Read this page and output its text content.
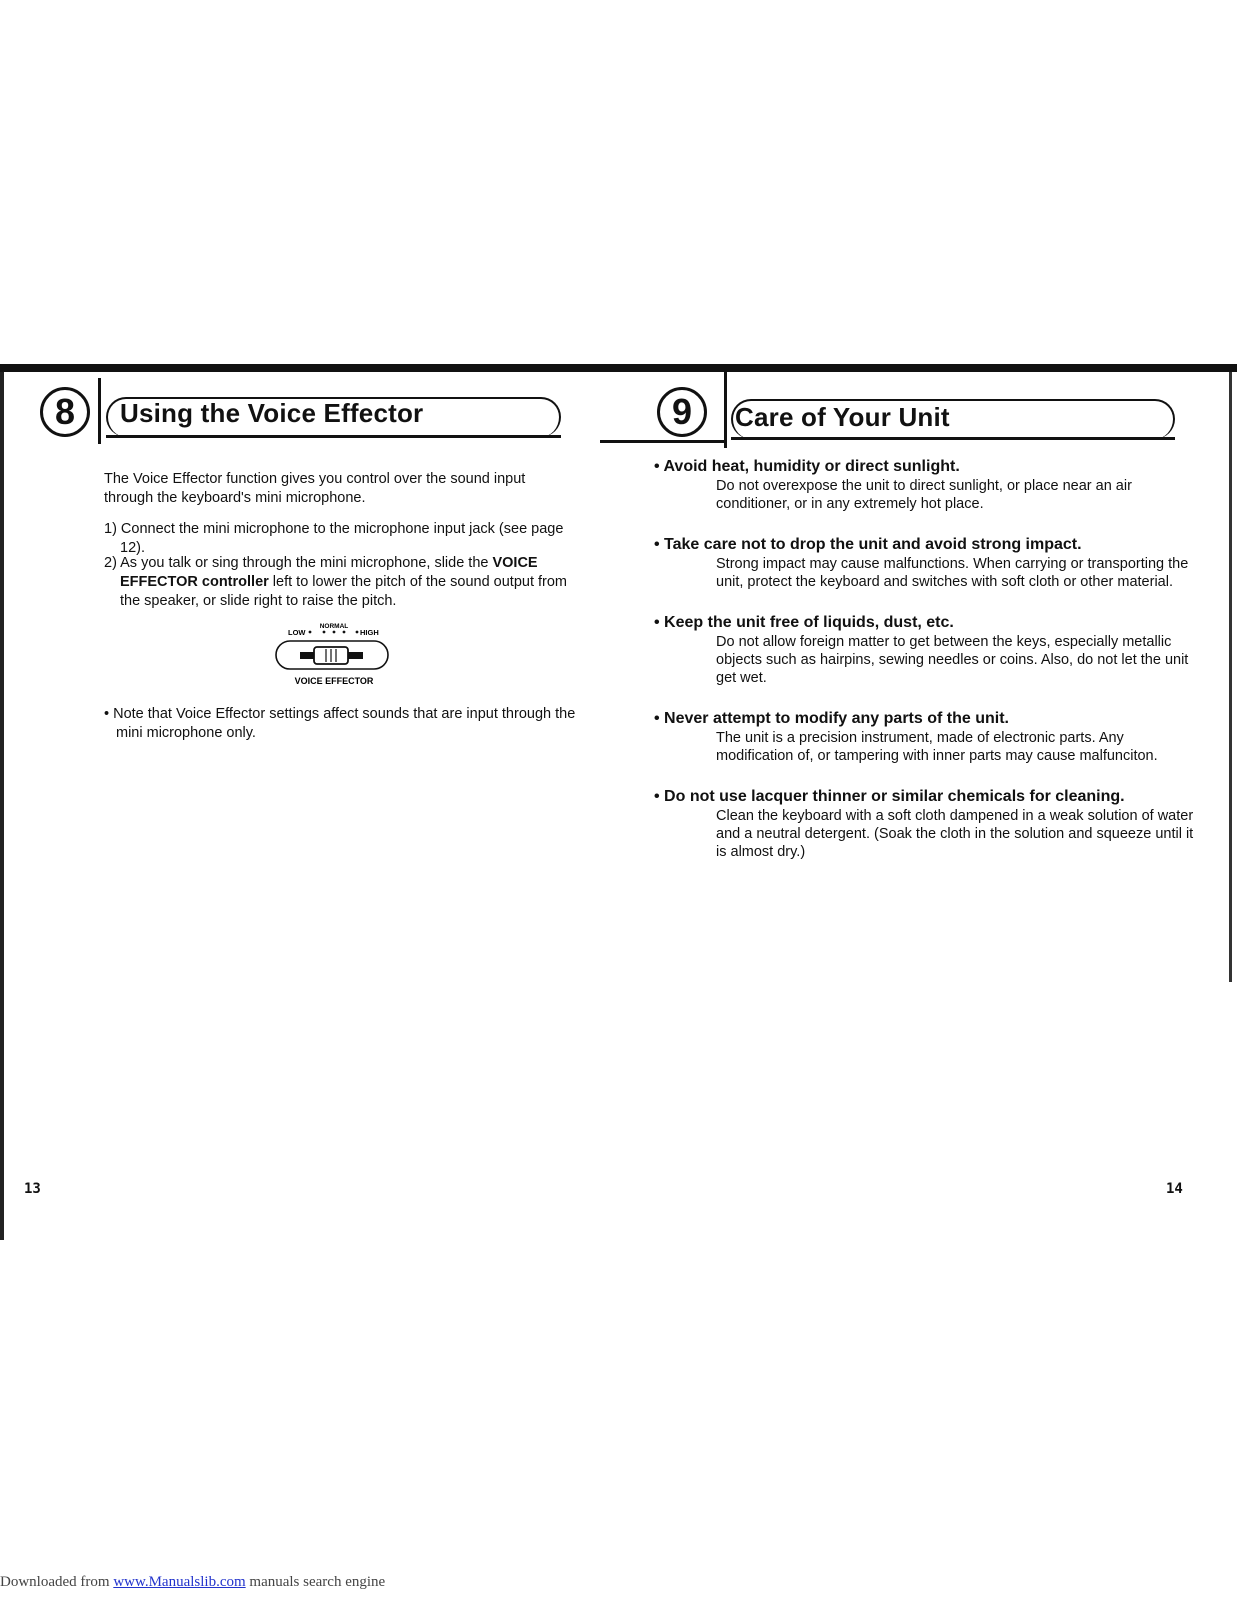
8 Using the Voice Effector
The Voice Effector function gives you control over the sound input through the keyboard's mini microphone.
1) Connect the mini microphone to the microphone input jack (see page 12).
2) As you talk or sing through the mini microphone, slide the VOICE EFFECTOR controller left to lower the pitch of the sound output from the speaker, or slide right to raise the pitch.
NORMAL
LOW	HIGH
VOICE EFFECTOR
• Note that Voice Effector settings affect sounds that are input through the mini microphone only.
13
9 Care of Your Unit
• Avoid heat, humidity or direct sunlight.
Do not overexpose the unit to direct sunlight, or place near an air conditioner, or in any extremely hot place.
• Take care not to drop the unit and avoid strong impact.
Strong impact may cause malfunctions. When carrying or transporting the unit, protect the keyboard and switches with soft cloth or other material.
• Keep the unit free of liquids, dust, etc.
Do not allow foreign matter to get between the keys, especially metallic objects such as hairpins, sewing needles or coins. Also, do not let the unit get wet.
• Never attempt to modify any parts of the unit.
The unit is a precision instrument, made of electronic parts. Any modification of, or tampering with inner parts may cause malfunciton.
• Do not use lacquer thinner or similar chemicals for cleaning.
Clean the keyboard with a soft cloth dampened in a weak solution of water and a neutral detergent. (Soak the cloth in the solution and squeeze until it is almost dry.)
14
Downloaded from www.Manualslib.com manuals search engine
